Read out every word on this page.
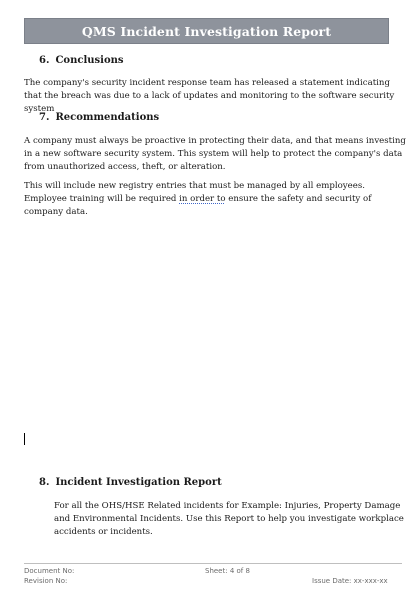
QMS Incident Investigation Report
6. Conclusions

The company's security incident response team has released a statement indicating that the breach was due to a lack of updates and monitoring to the software security system

7. Recommendations

A company must always be proactive in protecting their data, and that means investing in a new software security system. This system will help to protect the company's data from unauthorized access, theft, or alteration.

This will include new registry entries that must be managed by all employees. Employee training will be required in order to ensure the safety and security of company data.

8. Incident Investigation Report

For all the OHS/HSE Related incidents for Example: Injuries, Property Damage and Environmental Incidents. Use this Report to help you investigate workplace accidents or incidents.

Document No:
Revision No:
Sheet: 4 of 8
Issue Date: xx-xxx-xx
